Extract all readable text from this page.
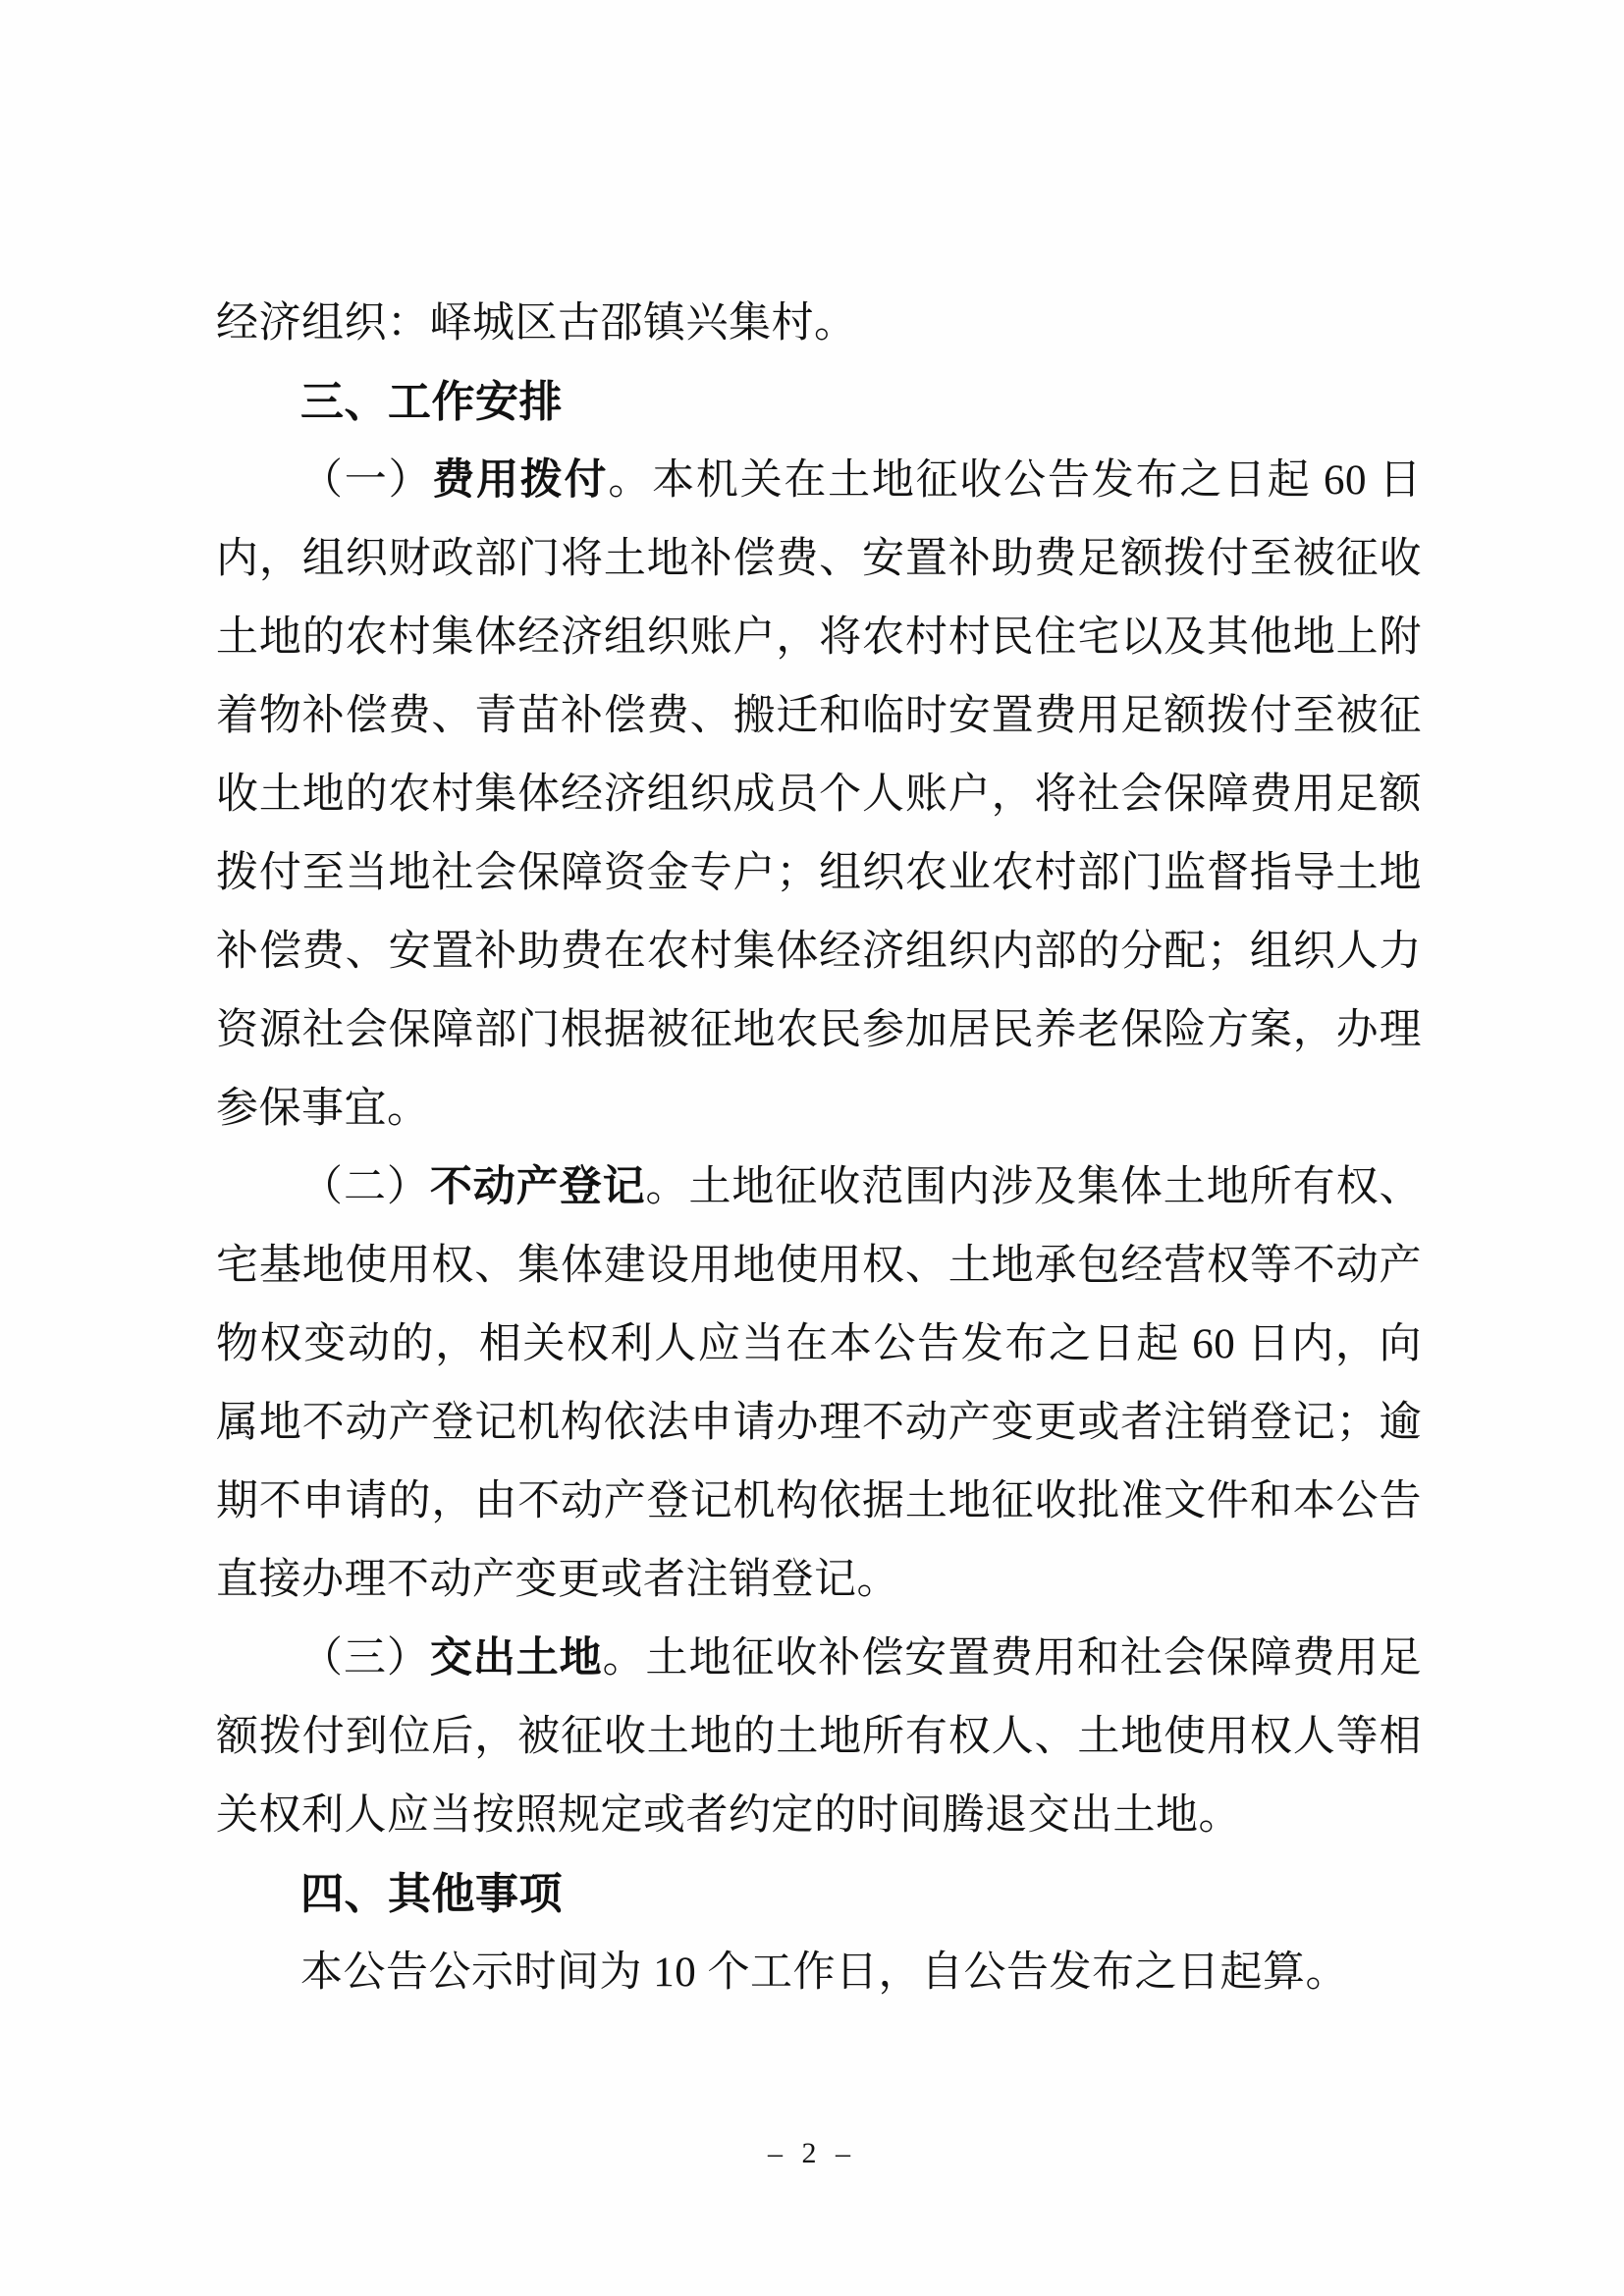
经济组织：峄城区古邵镇兴集村。
三、工作安排
（一）费用拨付。本机关在土地征收公告发布之日起 60 日
内，组织财政部门将土地补偿费、安置补助费足额拨付至被征收
土地的农村集体经济组织账户，将农村村民住宅以及其他地上附
着物补偿费、青苗补偿费、搬迁和临时安置费用足额拨付至被征
收土地的农村集体经济组织成员个人账户，将社会保障费用足额
拨付至当地社会保障资金专户；组织农业农村部门监督指导土地
补偿费、安置补助费在农村集体经济组织内部的分配；组织人力
资源社会保障部门根据被征地农民参加居民养老保险方案，办理
参保事宜。
（二）不动产登记。土地征收范围内涉及集体土地所有权、
宅基地使用权、集体建设用地使用权、土地承包经营权等不动产
物权变动的，相关权利人应当在本公告发布之日起 60 日内，向
属地不动产登记机构依法申请办理不动产变更或者注销登记；逾
期不申请的，由不动产登记机构依据土地征收批准文件和本公告
直接办理不动产变更或者注销登记。
（三）交出土地。土地征收补偿安置费用和社会保障费用足
额拨付到位后，被征收土地的土地所有权人、土地使用权人等相
关权利人应当按照规定或者约定的时间腾退交出土地。
四、其他事项
本公告公示时间为 10 个工作日，自公告发布之日起算。
– 2 –
